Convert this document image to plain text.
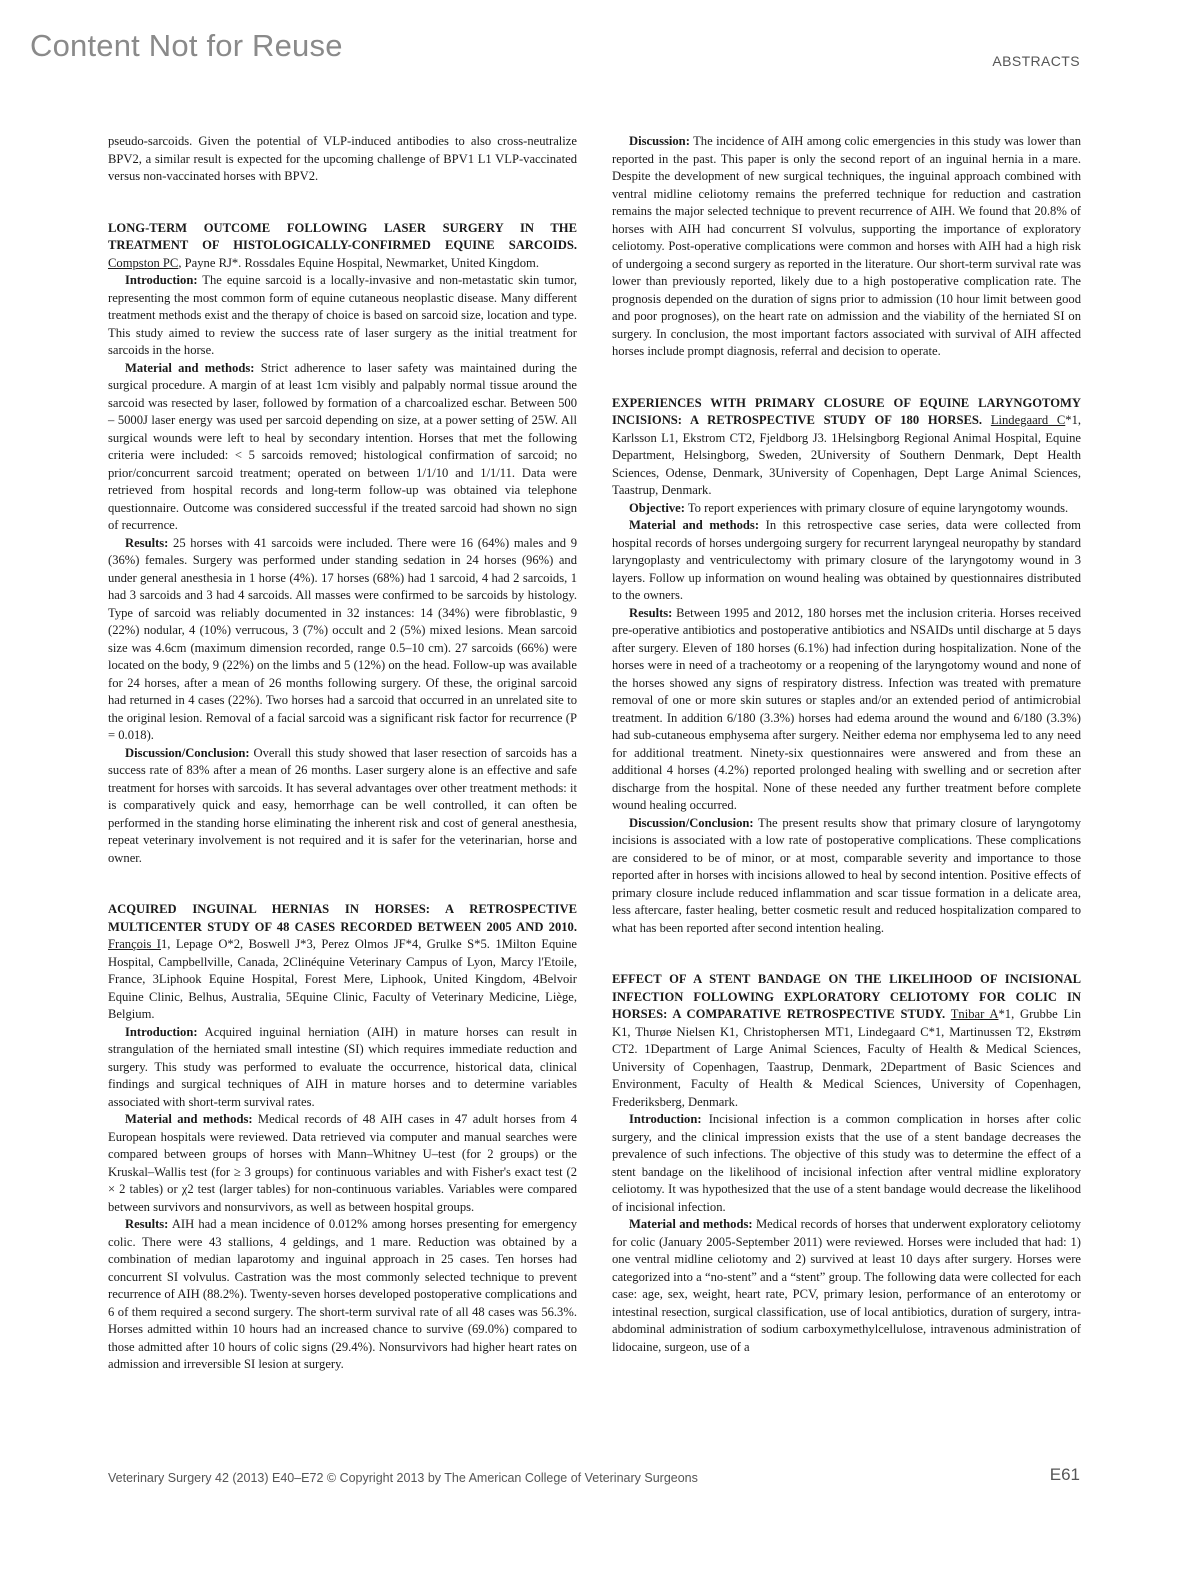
Content Not for Reuse	ABSTRACTS

pseudo-sarcoids. Given the potential of VLP-induced antibodies to also cross-neutralize BPV2, a similar result is expected for the upcoming challenge of BPV1 L1 VLP-vaccinated versus non-vaccinated horses with BPV2.

LONG-TERM OUTCOME FOLLOWING LASER SURGERY IN THE TREATMENT OF HISTOLOGICALLY-CONFIRMED EQUINE SARCOIDS. Compston PC, Payne RJ*. Rossdales Equine Hospital, Newmarket, United Kingdom.

Introduction: The equine sarcoid is a locally-invasive and non-metastatic skin tumor, representing the most common form of equine cutaneous neoplastic disease. Many different treatment methods exist and the therapy of choice is based on sarcoid size, location and type. This study aimed to review the success rate of laser surgery as the initial treatment for sarcoids in the horse.

Material and methods: Strict adherence to laser safety was maintained during the surgical procedure. A margin of at least 1cm visibly and palpably normal tissue around the sarcoid was resected by laser, followed by formation of a charcoalized eschar. Between 500 – 5000J laser energy was used per sarcoid depending on size, at a power setting of 25W. All surgical wounds were left to heal by secondary intention. Horses that met the following criteria were included: < 5 sarcoids removed; histological confirmation of sarcoid; no prior/concurrent sarcoid treatment; operated on between 1/1/10 and 1/1/11. Data were retrieved from hospital records and long-term follow-up was obtained via telephone questionnaire. Outcome was considered successful if the treated sarcoid had shown no sign of recurrence.

Results: 25 horses with 41 sarcoids were included. There were 16 (64%) males and 9 (36%) females. Surgery was performed under standing sedation in 24 horses (96%) and under general anesthesia in 1 horse (4%). 17 horses (68%) had 1 sarcoid, 4 had 2 sarcoids, 1 had 3 sarcoids and 3 had 4 sarcoids. All masses were confirmed to be sarcoids by histology. Type of sarcoid was reliably documented in 32 instances: 14 (34%) were fibroblastic, 9 (22%) nodular, 4 (10%) verrucous, 3 (7%) occult and 2 (5%) mixed lesions. Mean sarcoid size was 4.6cm (maximum dimension recorded, range 0.5–10 cm). 27 sarcoids (66%) were located on the body, 9 (22%) on the limbs and 5 (12%) on the head. Follow-up was available for 24 horses, after a mean of 26 months following surgery. Of these, the original sarcoid had returned in 4 cases (22%). Two horses had a sarcoid that occurred in an unrelated site to the original lesion. Removal of a facial sarcoid was a significant risk factor for recurrence (P = 0.018).

Discussion/Conclusion: Overall this study showed that laser resection of sarcoids has a success rate of 83% after a mean of 26 months. Laser surgery alone is an effective and safe treatment for horses with sarcoids. It has several advantages over other treatment methods: it is comparatively quick and easy, hemorrhage can be well controlled, it can often be performed in the standing horse eliminating the inherent risk and cost of general anesthesia, repeat veterinary involvement is not required and it is safer for the veterinarian, horse and owner.

ACQUIRED INGUINAL HERNIAS IN HORSES: A RETROSPECTIVE MULTICENTER STUDY OF 48 CASES RECORDED BETWEEN 2005 AND 2010. François I1, Lepage O*2, Boswell J*3, Perez Olmos JF*4, Grulke S*5. 1Milton Equine Hospital, Campbellville, Canada, 2Clinéquine Veterinary Campus of Lyon, Marcy l'Etoile, France, 3Liphook Equine Hospital, Forest Mere, Liphook, United Kingdom, 4Belvoir Equine Clinic, Belhus, Australia, 5Equine Clinic, Faculty of Veterinary Medicine, Liège, Belgium.

Introduction: Acquired inguinal herniation (AIH) in mature horses can result in strangulation of the herniated small intestine (SI) which requires immediate reduction and surgery. This study was performed to evaluate the occurrence, historical data, clinical findings and surgical techniques of AIH in mature horses and to determine variables associated with short-term survival rates.

Material and methods: Medical records of 48 AIH cases in 47 adult horses from 4 European hospitals were reviewed. Data retrieved via computer and manual searches were compared between groups of horses with Mann–Whitney U–test (for 2 groups) or the Kruskal–Wallis test (for ≥ 3 groups) for continuous variables and with Fisher's exact test (2 × 2 tables) or χ2 test (larger tables) for non-continuous variables. Variables were compared between survivors and nonsurvivors, as well as between hospital groups.

Results: AIH had a mean incidence of 0.012% among horses presenting for emergency colic. There were 43 stallions, 4 geldings, and 1 mare. Reduction was obtained by a combination of median laparotomy and inguinal approach in 25 cases. Ten horses had concurrent SI volvulus. Castration was the most commonly selected technique to prevent recurrence of AIH (88.2%). Twenty-seven horses developed postoperative complications and 6 of them required a second surgery. The short-term survival rate of all 48 cases was 56.3%. Horses admitted within 10 hours had an increased chance to survive (69.0%) compared to those admitted after 10 hours of colic signs (29.4%). Nonsurvivors had higher heart rates on admission and irreversible SI lesion at surgery.

Discussion: The incidence of AIH among colic emergencies in this study was lower than reported in the past. This paper is only the second report of an inguinal hernia in a mare. Despite the development of new surgical techniques, the inguinal approach combined with ventral midline celiotomy remains the preferred technique for reduction and castration remains the major selected technique to prevent recurrence of AIH. We found that 20.8% of horses with AIH had concurrent SI volvulus, supporting the importance of exploratory celiotomy. Post-operative complications were common and horses with AIH had a high risk of undergoing a second surgery as reported in the literature. Our short-term survival rate was lower than previously reported, likely due to a high postoperative complication rate. The prognosis depended on the duration of signs prior to admission (10 hour limit between good and poor prognoses), on the heart rate on admission and the viability of the herniated SI on surgery. In conclusion, the most important factors associated with survival of AIH affected horses include prompt diagnosis, referral and decision to operate.

EXPERIENCES WITH PRIMARY CLOSURE OF EQUINE LARYNGOTOMY INCISIONS: A RETROSPECTIVE STUDY OF 180 HORSES. Lindegaard C*1, Karlsson L1, Ekstrom CT2, Fjeldborg J3. 1Helsingborg Regional Animal Hospital, Equine Department, Helsingborg, Sweden, 2University of Southern Denmark, Dept Health Sciences, Odense, Denmark, 3University of Copenhagen, Dept Large Animal Sciences, Taastrup, Denmark.

Objective: To report experiences with primary closure of equine laryngotomy wounds.

Material and methods: In this retrospective case series, data were collected from hospital records of horses undergoing surgery for recurrent laryngeal neuropathy by standard laryngoplasty and ventriculectomy with primary closure of the laryngotomy wound in 3 layers. Follow up information on wound healing was obtained by questionnaires distributed to the owners.

Results: Between 1995 and 2012, 180 horses met the inclusion criteria. Horses received pre-operative antibiotics and postoperative antibiotics and NSAIDs until discharge at 5 days after surgery. Eleven of 180 horses (6.1%) had infection during hospitalization. None of the horses were in need of a tracheotomy or a reopening of the laryngotomy wound and none of the horses showed any signs of respiratory distress. Infection was treated with premature removal of one or more skin sutures or staples and/or an extended period of antimicrobial treatment. In addition 6/180 (3.3%) horses had edema around the wound and 6/180 (3.3%) had sub-cutaneous emphysema after surgery. Neither edema nor emphysema led to any need for additional treatment. Ninety-six questionnaires were answered and from these an additional 4 horses (4.2%) reported prolonged healing with swelling and or secretion after discharge from the hospital. None of these needed any further treatment before complete wound healing occurred.

Discussion/Conclusion: The present results show that primary closure of laryngotomy incisions is associated with a low rate of postoperative complications. These complications are considered to be of minor, or at most, comparable severity and importance to those reported after in horses with incisions allowed to heal by second intention. Positive effects of primary closure include reduced inflammation and scar tissue formation in a delicate area, less aftercare, faster healing, better cosmetic result and reduced hospitalization compared to what has been reported after second intention healing.

EFFECT OF A STENT BANDAGE ON THE LIKELIHOOD OF INCISIONAL INFECTION FOLLOWING EXPLORATORY CELIOTOMY FOR COLIC IN HORSES: A COMPARATIVE RETROSPECTIVE STUDY. Tnibar A*1, Grubbe Lin K1, Thurøe Nielsen K1, Christophersen MT1, Lindegaard C*1, Martinussen T2, Ekstrøm CT2. 1Department of Large Animal Sciences, Faculty of Health & Medical Sciences, University of Copenhagen, Taastrup, Denmark, 2Department of Basic Sciences and Environment, Faculty of Health & Medical Sciences, University of Copenhagen, Frederiksberg, Denmark.

Introduction: Incisional infection is a common complication in horses after colic surgery, and the clinical impression exists that the use of a stent bandage decreases the prevalence of such infections. The objective of this study was to determine the effect of a stent bandage on the likelihood of incisional infection after ventral midline exploratory celiotomy. It was hypothesized that the use of a stent bandage would decrease the likelihood of incisional infection.

Material and methods: Medical records of horses that underwent exploratory celiotomy for colic (January 2005-September 2011) were reviewed. Horses were included that had: 1) one ventral midline celiotomy and 2) survived at least 10 days after surgery. Horses were categorized into a “no-stent” and a “stent” group. The following data were collected for each case: age, sex, weight, heart rate, PCV, primary lesion, performance of an enterotomy or intestinal resection, surgical classification, use of local antibiotics, duration of surgery, intra-abdominal administration of sodium carboxymethylcellulose, intravenous administration of lidocaine, surgeon, use of a

Veterinary Surgery 42 (2013) E40–E72 © Copyright 2013 by The American College of Veterinary Surgeons	E61
